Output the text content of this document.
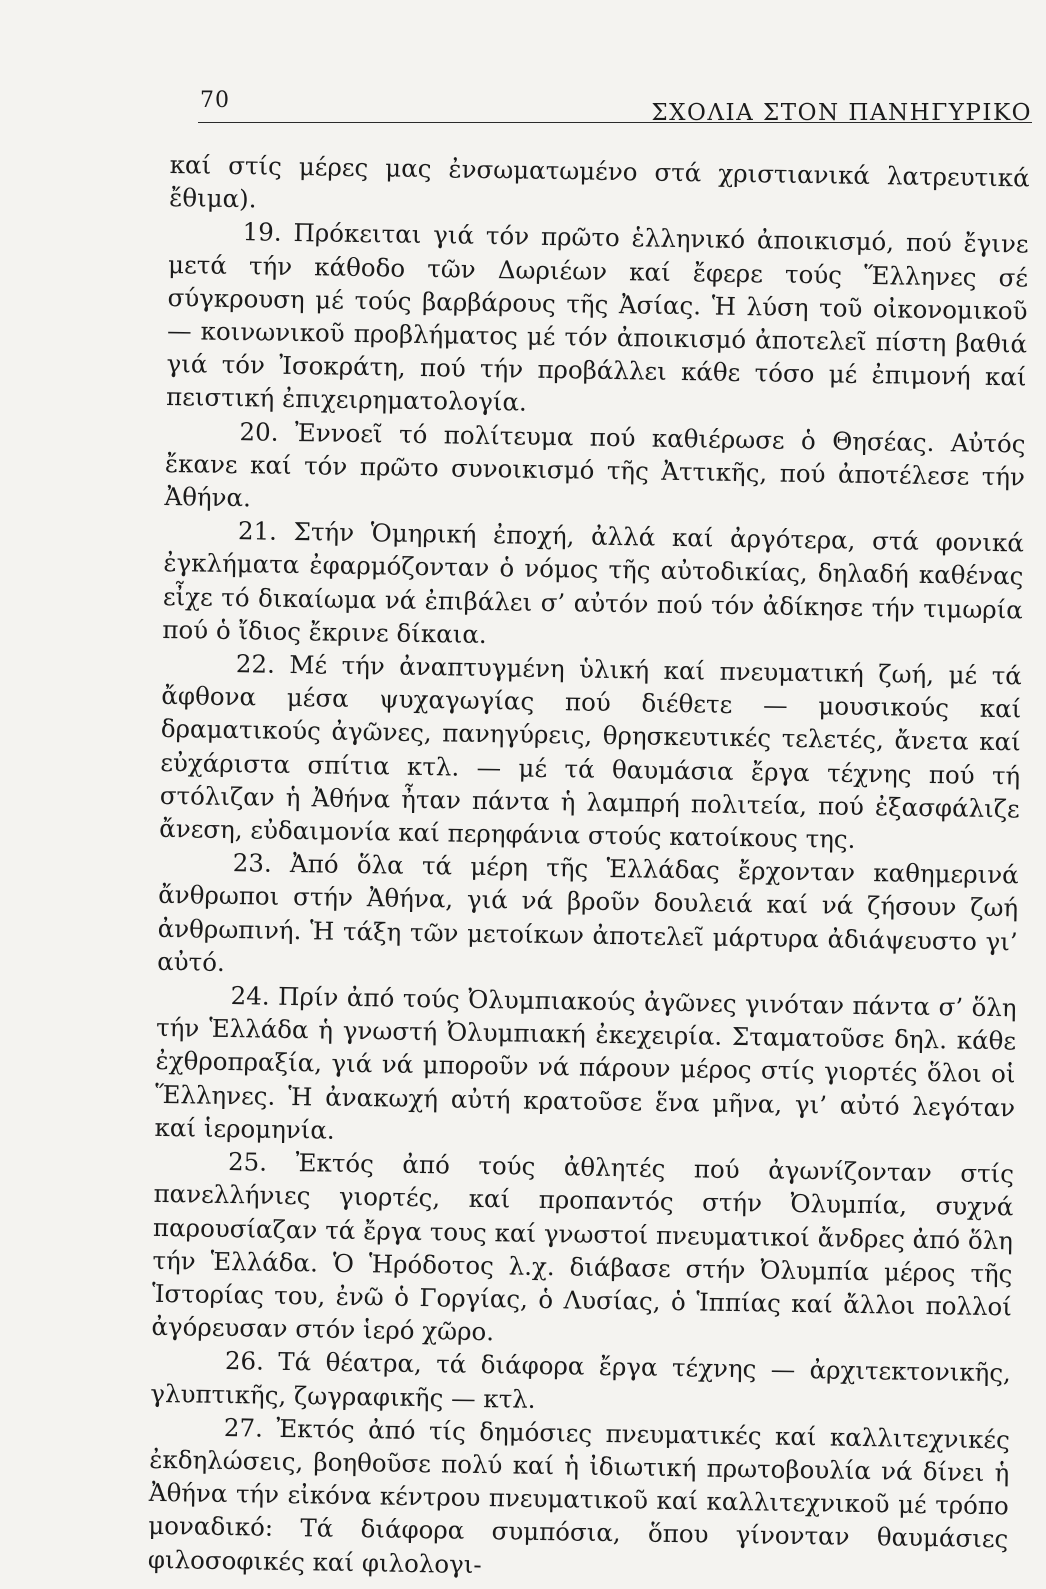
70	ΣΧΟΛΙΑ ΣΤΟΝ ΠΑΝΗΓΥΡΙΚΟ

καί στίς μέρες μας ἐνσωματωμένο στά χριστιανικά λατρευτικά ἔθιμα).

19. Πρόκειται γιά τόν πρῶτο ἑλληνικό ἀποικισμό, πού ἔγινε μετά τήν κάθοδο τῶν Δωριέων καί ἔφερε τούς Ἕλληνες σέ σύγκρουση μέ τούς βαρβάρους τῆς Ἀσίας. Ἡ λύση τοῦ οἰκονομικοῦ — κοινωνικοῦ προβλήματος μέ τόν ἀποικισμό ἀποτελεῖ πίστη βαθιά γιά τόν Ἰσοκράτη, πού τήν προβάλλει κάθε τόσο μέ ἐπιμονή καί πειστική ἐπιχειρηματολογία.

20. Ἐννοεῖ τό πολίτευμα πού καθιέρωσε ὁ Θησέας. Αὐτός ἔκανε καί τόν πρῶτο συνοικισμό τῆς Ἀττικῆς, πού ἀποτέλεσε τήν Ἀθήνα.

21. Στήν Ὁμηρική ἐποχή, ἀλλά καί ἀργότερα, στά φονικά ἐγκλήματα ἐφαρμόζονταν ὁ νόμος τῆς αὐτοδικίας, δηλαδή καθένας εἶχε τό δικαίωμα νά ἐπιβάλει σ’ αὐτόν πού τόν ἀδίκησε τήν τιμωρία πού ὁ ἴδιος ἔκρινε δίκαια.

22. Μέ τήν ἀναπτυγμένη ὑλική καί πνευματική ζωή, μέ τά ἄφθονα μέσα ψυχαγωγίας πού διέθετε — μουσικούς καί δραματικούς ἀγῶνες, πανηγύρεις, θρησκευτικές τελετές, ἄνετα καί εὐχάριστα σπίτια κτλ. — μέ τά θαυμάσια ἔργα τέχνης πού τή στόλιζαν ἡ Ἀθήνα ἦταν πάντα ἡ λαμπρή πολιτεία, πού ἐξασφάλιζε ἄνεση, εὐδαιμονία καί περηφάνια στούς κατοίκους της.

23. Ἀπό ὅλα τά μέρη τῆς Ἑλλάδας ἔρχονταν καθημερινά ἄνθρωποι στήν Ἀθήνα, γιά νά βροῦν δουλειά καί νά ζήσουν ζωή ἀνθρωπινή. Ἡ τάξη τῶν μετοίκων ἀποτελεῖ μάρτυρα ἀδιάψευστο γι’ αὐτό.

24. Πρίν ἀπό τούς Ὀλυμπιακούς ἀγῶνες γινόταν πάντα σ’ ὅλη τήν Ἑλλάδα ἡ γνωστή Ὀλυμπιακή ἐκεχειρία. Σταματοῦσε δηλ. κάθε ἐχθροπραξία, γιά νά μποροῦν νά πάρουν μέρος στίς γιορτές ὅλοι οἱ Ἕλληνες. Ἡ ἀνακωχή αὐτή κρατοῦσε ἕνα μῆνα, γι’ αὐτό λεγόταν καί ἱερομηνία.

25. Ἐκτός ἀπό τούς ἀθλητές πού ἀγωνίζονταν στίς πανελλήνιες γιορτές, καί προπαντός στήν Ὀλυμπία, συχνά παρουσίαζαν τά ἔργα τους καί γνωστοί πνευματικοί ἄνδρες ἀπό ὅλη τήν Ἑλλάδα. Ὁ Ἡρόδοτος λ.χ. διάβασε στήν Ὀλυμπία μέρος τῆς Ἱστορίας του, ἐνῶ ὁ Γοργίας, ὁ Λυσίας, ὁ Ἱππίας καί ἄλλοι πολλοί ἀγόρευσαν στόν ἱερό χῶρο.

26. Τά θέατρα, τά διάφορα ἔργα τέχνης — ἀρχιτεκτονικῆς, γλυπτικῆς, ζωγραφικῆς — κτλ.

27. Ἐκτός ἀπό τίς δημόσιες πνευματικές καί καλλιτεχνικές ἐκδηλώσεις, βοηθοῦσε πολύ καί ἡ ἰδιωτική πρωτοβουλία νά δίνει ἡ Ἀθήνα τήν εἰκόνα κέντρου πνευματικοῦ καί καλλιτεχνικοῦ μέ τρόπο μοναδικό: Τά διάφορα συμπόσια, ὅπου γίνονταν θαυμάσιες φιλοσοφικές καί φιλολογι-
